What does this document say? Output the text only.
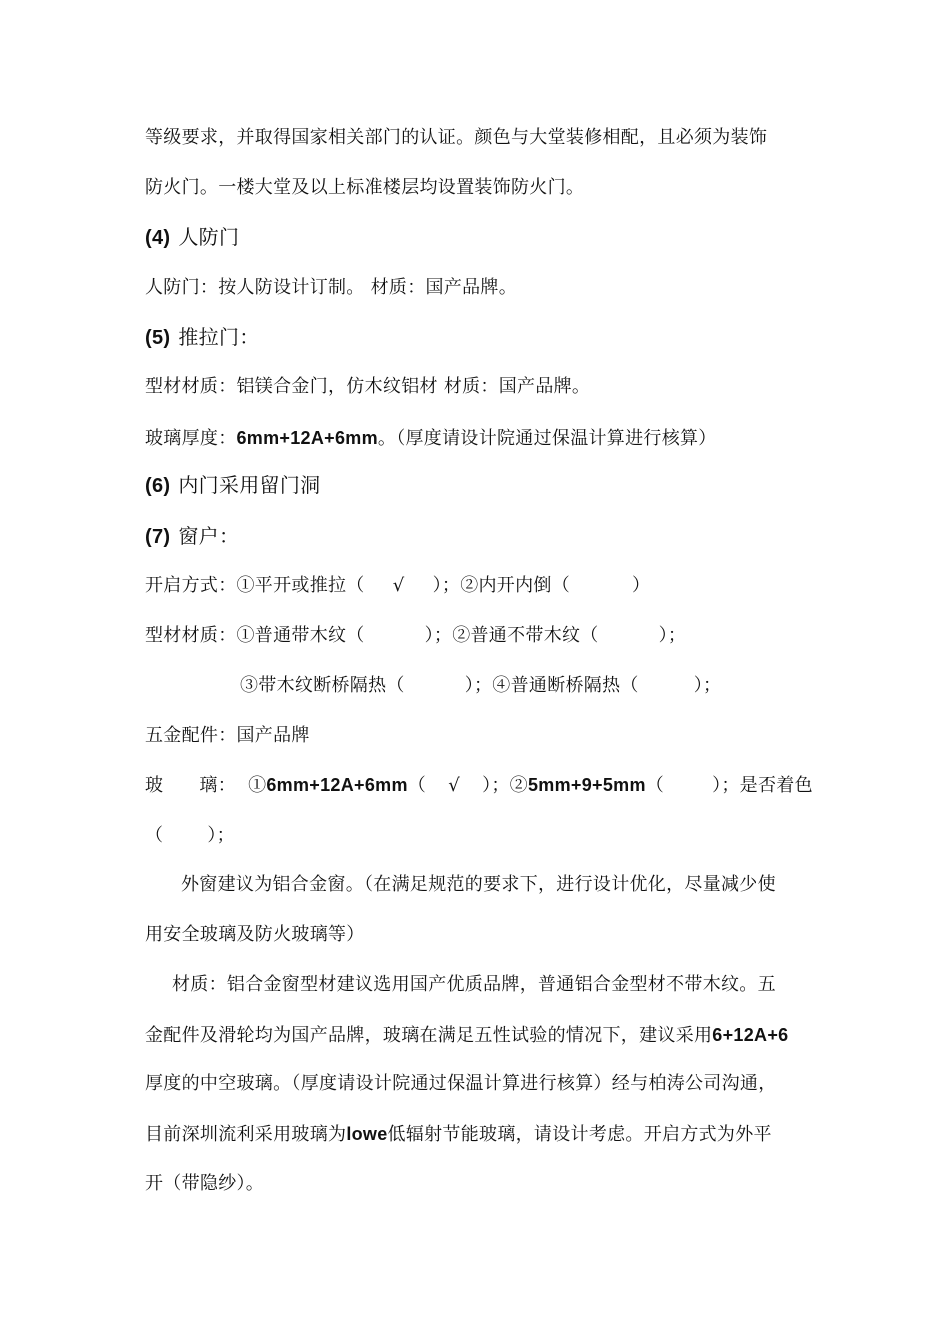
等级要求，并取得国家相关部门的认证。颜色与大堂装修相配，且必须为装饰
防火门。一楼大堂及以上标准楼层均设置装饰防火门。
(4) 人防门
人防门：按人防设计订制。 材质：国产品牌。
(5) 推拉门：
型材材质：铝镁合金门，仿木纹铝材 材质：国产品牌。
玻璃厚度：6mm+12A+6mm。（厚度请设计院通过保温计算进行核算）
(6) 内门采用留门洞
(7) 窗户：
开启方式：①平开或推拉（ √ ）；②内开内倒（	）
型材材质：①普通带木纹（	）；②普通不带木纹（	）；
③带木纹断桥隔热（	）；④普通断桥隔热（	）；
五金配件：国产品牌
玻      璃：  ①6mm+12A+6mm（ √ ）；②5mm+9+5mm（	）；是否着色
（ ）；
外窗建议为铝合金窗。（在满足规范的要求下，进行设计优化，尽量减少使
用安全玻璃及防火玻璃等）
材质：铝合金窗型材建议选用国产优质品牌，普通铝合金型材不带木纹。五
金配件及滑轮均为国产品牌，玻璃在满足五性试验的情况下，建议采用6+12A+6
厚度的中空玻璃。（厚度请设计院通过保温计算进行核算）经与柏涛公司沟通，
目前深圳流利采用玻璃为lowe低辐射节能玻璃，请设计考虑。开启方式为外平
开（带隐纱）。
